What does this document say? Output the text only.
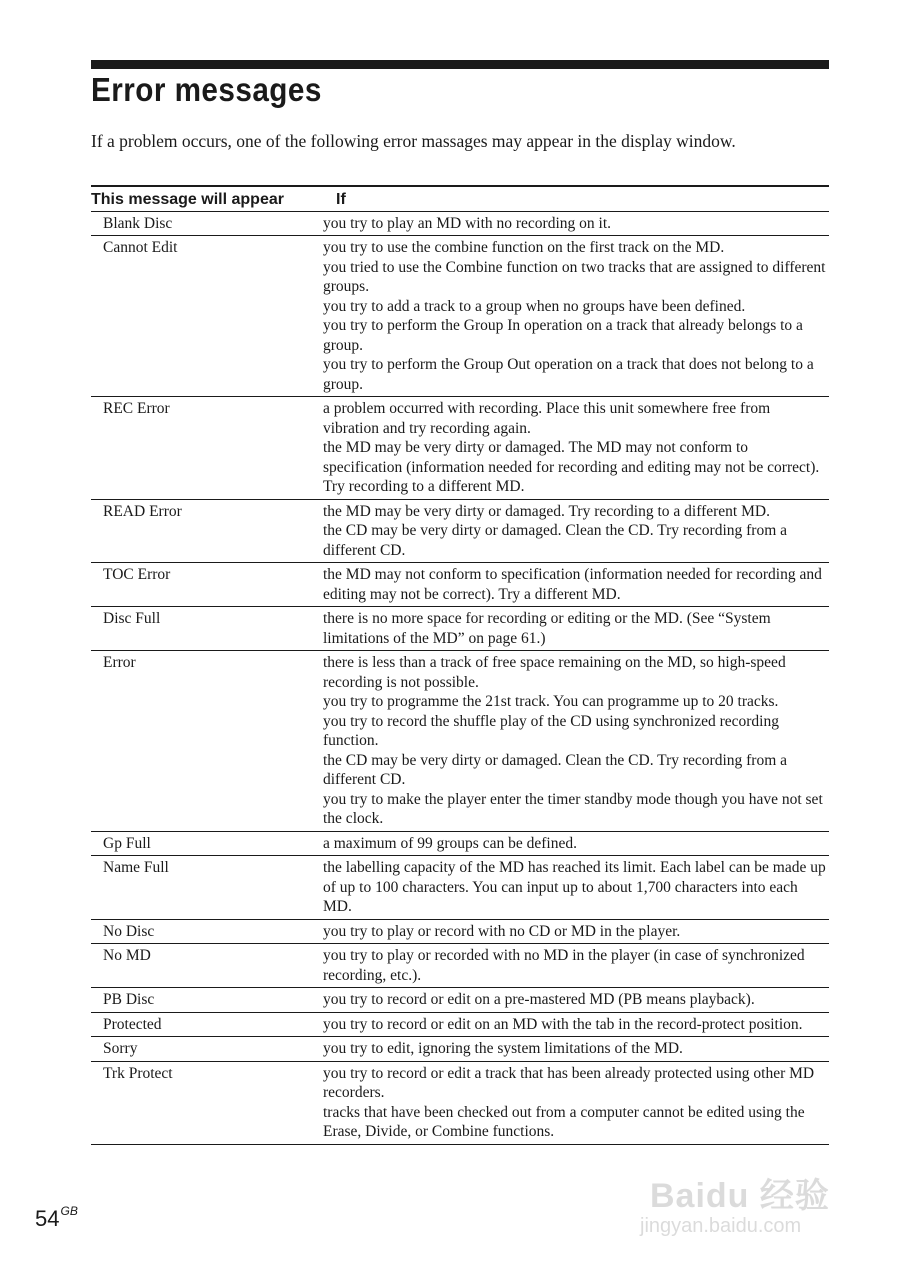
Error messages

If a problem occurs, one of the following error massages may appear in the display window.

This message will appear	If
Blank Disc	you try to play an MD with no recording on it.

Cannot Edit	you try to use the combine function on the first track on the MD.
you tried to use the Combine function on two tracks that are assigned to different groups.
you try to add a track to a group when no groups have been defined.
you try to perform the Group In operation on a track that already belongs to a group.
you try to perform the Group Out operation on a track that does not belong to a group.

REC Error	a problem occurred with recording. Place this unit somewhere free from vibration and try recording again.
the MD may be very dirty or damaged. The MD may not conform to specification (information needed for recording and editing may not be correct). Try recording to a different MD.

READ Error	the MD may be very dirty or damaged. Try recording to a different MD.
the CD may be very dirty or damaged. Clean the CD. Try recording from a different CD.

TOC Error	the MD may not conform to specification (information needed for recording and editing may not be correct). Try a different MD.

Disc Full	there is no more space for recording or editing or the MD. (See “System limitations of the MD” on page 61.)

Error	there is less than a track of free space remaining on the MD, so high-speed recording is not possible.
you try to programme the 21st track. You can programme up to 20 tracks.
you try to record the shuffle play of the CD using synchronized recording function.
the CD may be very dirty or damaged. Clean the CD. Try recording from a different CD.
you try to make the player enter the timer standby mode though you have not set the clock.

Gp Full	a maximum of 99 groups can be defined.

Name Full	the labelling capacity of the MD has reached its limit. Each label can be made up of up to 100 characters. You can input up to about 1,700 characters into each MD.

No Disc	you try to play or record with no CD or MD in the player.

No MD	you try to play or recorded with no MD in the player (in case of synchronized recording, etc.).

PB Disc	you try to record or edit on a pre-mastered MD (PB means playback).

Protected	you try to record or edit on an MD with the tab in the record-protect position.

Sorry	you try to edit, ignoring the system limitations of the MD.

Trk Protect	you try to record or edit a track that has been already protected using other MD recorders.
tracks that have been checked out from a computer cannot be edited using the Erase, Divide, or Combine functions.
$54^{GB}$	Baidu 经验
jingyan.baidu.com
